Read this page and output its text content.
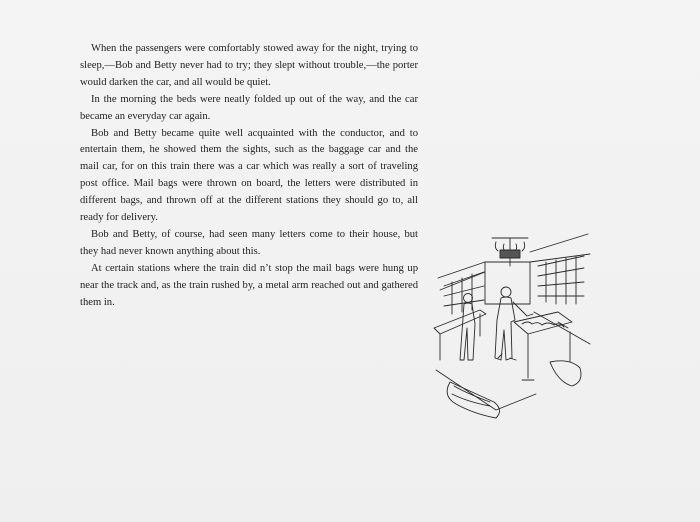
When the passengers were comfortably stowed away for the night, trying to sleep,—Bob and Betty never had to try; they slept without trouble,—the porter would darken the car, and all would be quiet.

In the morning the beds were neatly folded up out of the way, and the car became an everyday car again.

Bob and Betty became quite well acquainted with the conductor, and to entertain them, he showed them the sights, such as the baggage car and the mail car, for on this train there was a car which was really a sort of traveling post office. Mail bags were thrown on board, the letters were distributed in different bags, and thrown off at the different stations they should go to, all ready for delivery.

Bob and Betty, of course, had seen many letters come to their house, but they had never known anything about this.

At certain stations where the train did n’t stop the mail bags were hung up near the track and, as the train rushed by, a metal arm reached out and gathered them in.
